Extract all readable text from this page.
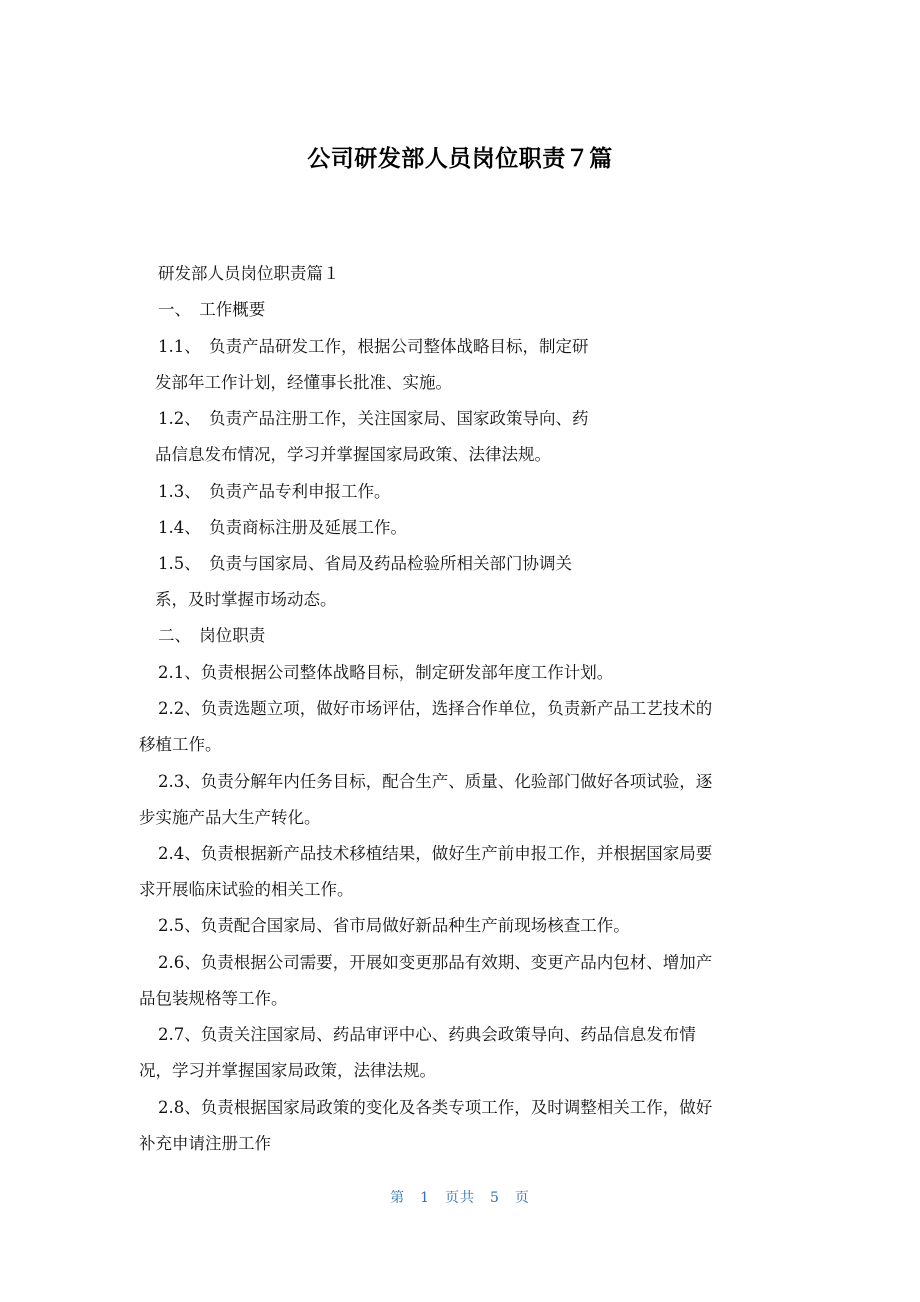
公司研发部人员岗位职责７篇
研发部人员岗位职责篇１
一、　工作概要
1.1、　负责产品研发工作，根据公司整体战略目标，制定研
发部年工作计划，经懂事长批准、实施。
1.2、　负责产品注册工作，关注国家局、国家政策导向、药
品信息发布情况，学习并掌握国家局政策、法律法规。
1.3、　负责产品专利申报工作。
1.4、　负责商标注册及延展工作。
1.5、　负责与国家局、省局及药品检验所相关部门协调关
系，及时掌握市场动态。
二、　岗位职责
2.1、负责根据公司整体战略目标，制定研发部年度工作计划。
2.2、负责选题立项，做好市场评估，选择合作单位，负责新产品工艺技术的
移植工作。
2.3、负责分解年内任务目标，配合生产、质量、化验部门做好各项试验，逐
步实施产品大生产转化。
2.4、负责根据新产品技术移植结果，做好生产前申报工作，并根据国家局要
求开展临床试验的相关工作。
2.5、负责配合国家局、省市局做好新品种生产前现场核查工作。
2.6、负责根据公司需要，开展如变更那品有效期、变更产品内包材、增加产
品包装规格等工作。
2.7、负责关注国家局、药品审评中心、药典会政策导向、药品信息发布情
况，学习并掌握国家局政策，法律法规。
2.8、负责根据国家局政策的变化及各类专项工作，及时调整相关工作，做好
补充申请注册工作
第　1　页共　5　页
